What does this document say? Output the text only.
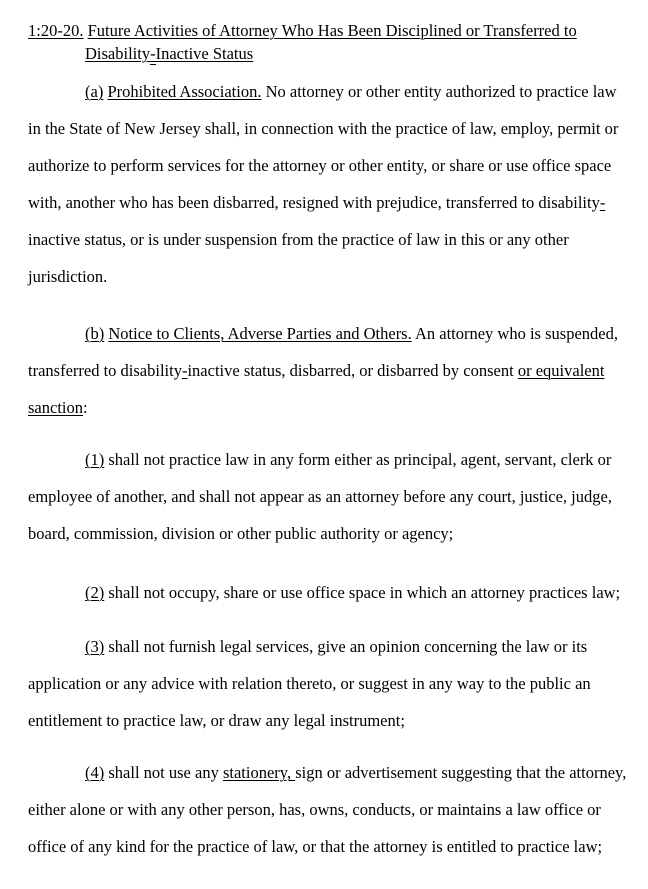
1:20-20. Future Activities of Attorney Who Has Been Disciplined or Transferred to
Disability-Inactive Status
(a) Prohibited Association. No attorney or other entity authorized to practice law
in the State of New Jersey shall, in connection with the practice of law, employ, permit or
authorize to perform services for the attorney or other entity, or share or use office space
with, another who has been disbarred, resigned with prejudice, transferred to disability-
inactive status, or is under suspension from the practice of law in this or any other
jurisdiction.
(b) Notice to Clients, Adverse Parties and Others. An attorney who is suspended,
transferred to disability-inactive status, disbarred, or disbarred by consent or equivalent
sanction:
(1) shall not practice law in any form either as principal, agent, servant, clerk or
employee of another, and shall not appear as an attorney before any court, justice, judge,
board, commission, division or other public authority or agency;
(2) shall not occupy, share or use office space in which an attorney practices law;
(3) shall not furnish legal services, give an opinion concerning the law or its
application or any advice with relation thereto, or suggest in any way to the public an
entitlement to practice law, or draw any legal instrument;
(4) shall not use any stationery, sign or advertisement suggesting that the attorney,
either alone or with any other person, has, owns, conducts, or maintains a law office or
office of any kind for the practice of law, or that the attorney is entitled to practice law;
